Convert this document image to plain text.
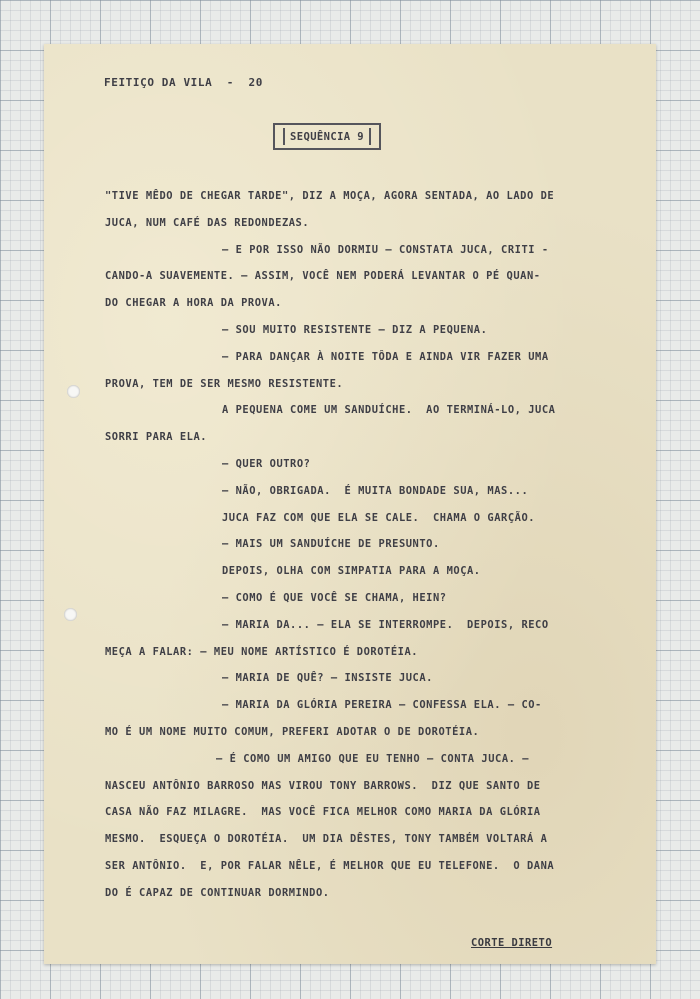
FEITIÇO DA VILA - 20
SEQUÊNCIA 9
"TIVE MÊDO DE CHEGAR TARDE", DIZ A MOÇA, AGORA SENTADA, AO LADO DE
JUCA, NUM CAFÉ DAS REDONDEZAS.
— E POR ISSO NÃO DORMIU — CONSTATA JUCA, CRITI -
CANDO-A SUAVEMENTE. — ASSIM, VOCÊ NEM PODERÁ LEVANTAR O PÉ QUAN-
DO CHEGAR A HORA DA PROVA.
— SOU MUITO RESISTENTE — DIZ A PEQUENA.
— PARA DANÇAR À NOITE TÔDA E AINDA VIR FAZER UMA
PROVA, TEM DE SER MESMO RESISTENTE.
A PEQUENA COME UM SANDUÍCHE.  AO TERMINÁ-LO, JUCA
SORRI PARA ELA.
— QUER OUTRO?
— NÃO, OBRIGADA.  É MUITA BONDADE SUA, MAS...
JUCA FAZ COM QUE ELA SE CALE.  CHAMA O GARÇÃO.
— MAIS UM SANDUÍCHE DE PRESUNTO.
DEPOIS, OLHA COM SIMPATIA PARA A MOÇA.
— COMO É QUE VOCÊ SE CHAMA, HEIN?
— MARIA DA... — ELA SE INTERROMPE.  DEPOIS, RECO
MEÇA A FALAR: — MEU NOME ARTÍSTICO É DOROTÉIA.
— MARIA DE QUÊ? — INSISTE JUCA.
— MARIA DA GLÓRIA PEREIRA — CONFESSA ELA. — CO-
MO É UM NOME MUITO COMUM, PREFERI ADOTAR O DE DOROTÉIA.
— É COMO UM AMIGO QUE EU TENHO — CONTA JUCA. —
NASCEU ANTÔNIO BARROSO MAS VIROU TONY BARROWS.  DIZ QUE SANTO DE
CASA NÃO FAZ MILAGRE.  MAS VOCÊ FICA MELHOR COMO MARIA DA GLÓRIA
MESMO.  ESQUEÇA O DOROTÉIA.  UM DIA DÊSTES, TONY TAMBÉM VOLTARÁ A
SER ANTÔNIO.  E, POR FALAR NÊLE, É MELHOR QUE EU TELEFONE.  O DANA
DO É CAPAZ DE CONTINUAR DORMINDO.
CORTE DIRETO
